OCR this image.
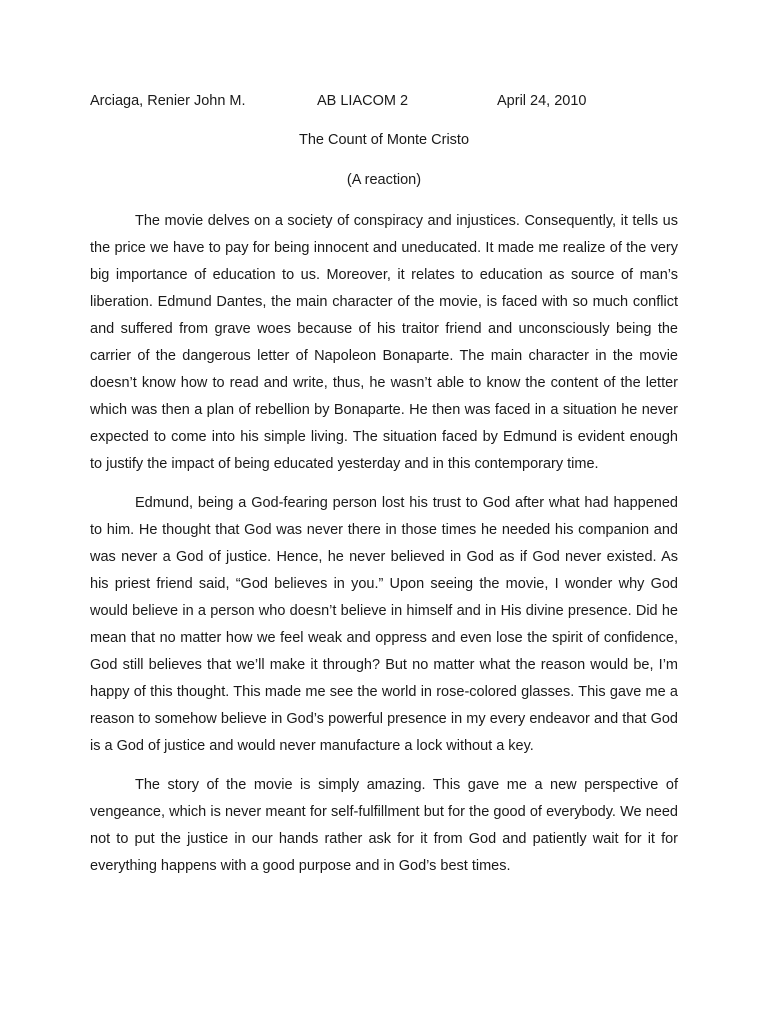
Arciaga, Renier John M.	AB LIACOM 2	April 24, 2010
The Count of Monte Cristo
(A reaction)

The movie delves on a society of conspiracy and injustices. Consequently, it tells us the price we have to pay for being innocent and uneducated. It made me realize of the very big importance of education to us. Moreover, it relates to education as source of man’s liberation. Edmund Dantes, the main character of the movie, is faced with so much conflict and suffered from grave woes because of his traitor friend and unconsciously being the carrier of the dangerous letter of Napoleon Bonaparte. The main character in the movie doesn’t know how to read and write, thus, he wasn’t able to know the content of the letter which was then a plan of rebellion by Bonaparte. He then was faced in a situation he never expected to come into his simple living. The situation faced by Edmund is evident enough to justify the impact of being educated yesterday and in this contemporary time.

Edmund, being a God-fearing person lost his trust to God after what had happened to him. He thought that God was never there in those times he needed his companion and was never a God of justice. Hence, he never believed in God as if God never existed. As his priest friend said, “God believes in you.” Upon seeing the movie, I wonder why God would believe in a person who doesn’t believe in himself and in His divine presence. Did he mean that no matter how we feel weak and oppress and even lose the spirit of confidence, God still believes that we’ll make it through? But no matter what the reason would be, I’m happy of this thought. This made me see the world in rose-colored glasses. This gave me a reason to somehow believe in God’s powerful presence in my every endeavor and that God is a God of justice and would never manufacture a lock without a key.

The story of the movie is simply amazing. This gave me a new perspective of vengeance, which is never meant for self-fulfillment but for the good of everybody. We need not to put the justice in our hands rather ask for it from God and patiently wait for it for everything happens with a good purpose and in God’s best times.
